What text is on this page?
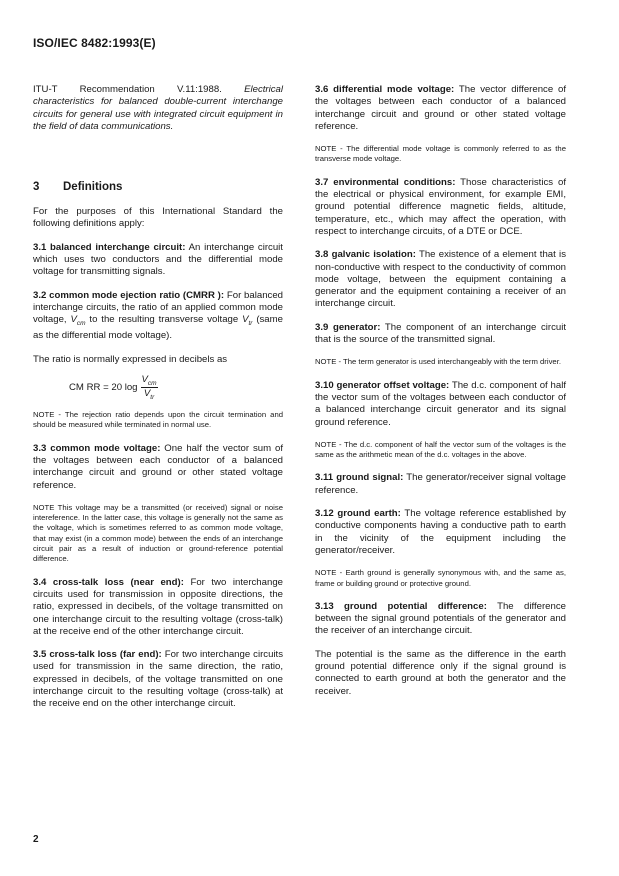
ISO/IEC 8482:1993(E)

ITU-T Recommendation V.11:1988. Electrical characteristics for balanced double-current interchange circuits for general use with integrated circuit equipment in the field of data communications.

3 Definitions

For the purposes of this International Standard the following definitions apply:

3.1 balanced interchange circuit: An interchange circuit which uses two conductors and the differential mode voltage for transmitting signals.

3.2 common mode ejection ratio (CMRR ): For balanced interchange circuits, the ratio of an applied common mode voltage, $V_{cm}$ to the resulting transverse voltage $V_{tr}$ (same as the differential mode voltage).

The ratio is normally expressed in decibels as

CM RR = 20 $\log \frac{V_{cm}}{V_{tr}}$

NOTE - The rejection ratio depends upon the circuit termination and should be measured while terminated in normal use.

3.3 common mode voltage: One half the vector sum of the voltages between each conductor of a balanced interchange circuit and ground or other stated voltage reference.

NOTE This voltage may be a transmitted (or received) signal or noise intereference. In the latter case, this voltage is generally not the same as the voltage, which is sometimes referred to as common mode voltage, that may exist (in a common mode) between the ends of an interchange circuit pair as a result of induction or ground-reference potential difference.

3.4 cross-talk loss (near end): For two interchange circuits used for transmission in opposite directions, the ratio, expressed in decibels, of the voltage transmitted on one interchange circuit to the resulting voltage (cross-talk) at the receive end of the other interchange circuit.

3.5 cross-talk loss (far end): For two interchange circuits used for transmission in the same direction, the ratio, expressed in decibels, of the voltage transmitted on one interchange circuit to the resulting voltage (cross-talk) at the receive end on the other interchange circuit.

3.6 differential mode voltage: The vector difference of the voltages between each conductor of a balanced interchange circuit and ground or other stated voltage reference.

NOTE - The differential mode voltage is commonly referred to as the transverse mode voltage.

3.7 environmental conditions: Those characteristics of the electrical or physical environment, for example EMI, ground potential difference magnetic fields, altitude, temperature, etc., which may affect the operation, with respect to interchange circuits, of a DTE or DCE.

3.8 galvanic isolation: The existence of a element that is non-conductive with respect to the conductivity of common mode voltage, between the equipment containing a generator and the equipment containing a receiver of an interchange circuit.

3.9 generator: The component of an interchange circuit that is the source of the transmitted signal.

NOTE - The term generator is used interchangeably with the term driver.

3.10 generator offset voltage: The d.c. component of half the vector sum of the voltages between each conductor of a balanced interchange circuit generator and its signal ground reference.

NOTE - The d.c. component of half the vector sum of the voltages is the same as the arithmetic mean of the d.c. voltages in the above.

3.11 ground signal: The generator/receiver signal voltage reference.

3.12 ground earth: The voltage reference established by conductive components having a conductive path to earth in the vicinity of the equipment including the generator/receiver.

NOTE - Earth ground is generally synonymous with, and the same as, frame or building ground or protective ground.

3.13 ground potential difference: The difference between the signal ground potentials of the generator and the receiver of an interchange circuit.

The potential is the same as the difference in the earth ground potential difference only if the signal ground is connected to earth ground at both the generator and the receiver.

2
